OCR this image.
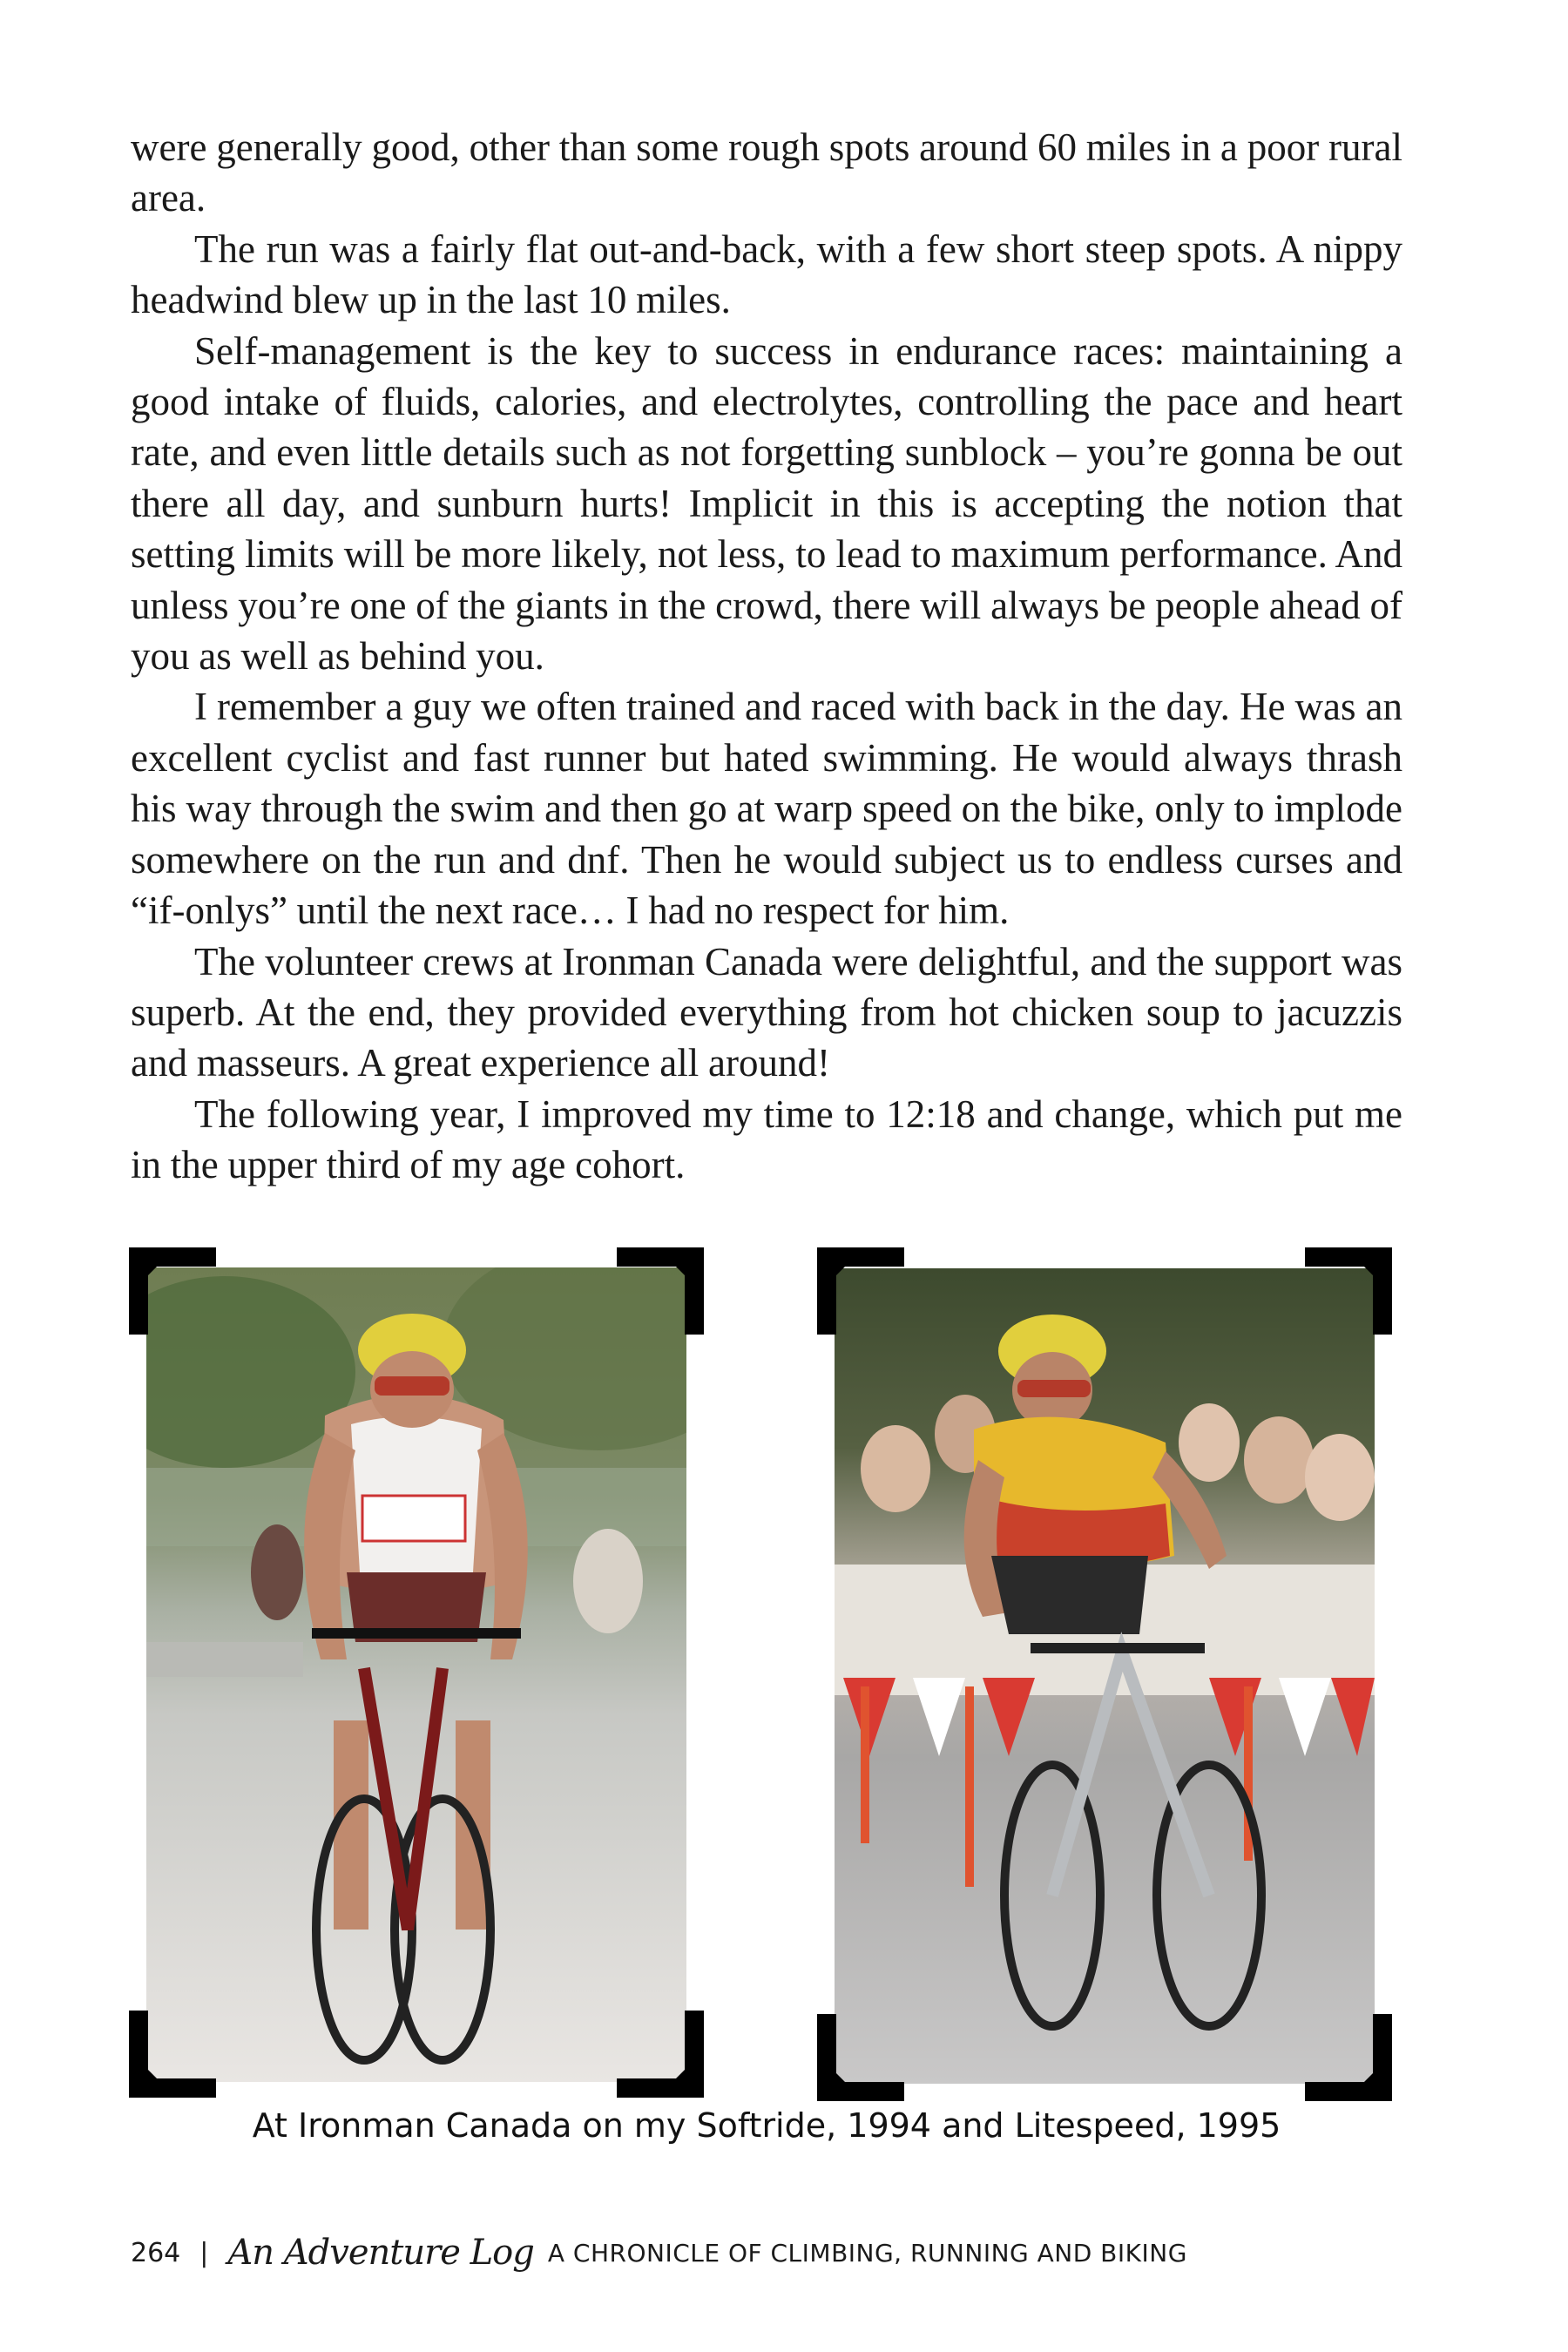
were generally good, other than some rough spots around 60 miles in a poor rural area.

The run was a fairly flat out-and-back, with a few short steep spots. A nippy headwind blew up in the last 10 miles.

Self-management is the key to success in endurance races: maintaining a good intake of fluids, calories, and electrolytes, controlling the pace and heart rate, and even little details such as not forgetting sunblock – you’re gonna be out there all day, and sunburn hurts! Implicit in this is accepting the notion that setting limits will be more likely, not less, to lead to maximum performance. And unless you’re one of the giants in the crowd, there will always be people ahead of you as well as behind you.

I remember a guy we often trained and raced with back in the day. He was an excellent cyclist and fast runner but hated swimming. He would always thrash his way through the swim and then go at warp speed on the bike, only to implode somewhere on the run and dnf. Then he would subject us to endless curses and “if-onlys” until the next race… I had no respect for him.

The volunteer crews at Ironman Canada were delightful, and the support was superb. At the end, they provided everything from hot chicken soup to jacuzzis and masseurs. A great experience all around!

The following year, I improved my time to 12:18 and change, which put me in the upper third of my age cohort.

At Ironman Canada on my Softride, 1994 and Litespeed, 1995
264 | An Adventure Log A CHRONICLE OF CLIMBING, RUNNING AND BIKING
